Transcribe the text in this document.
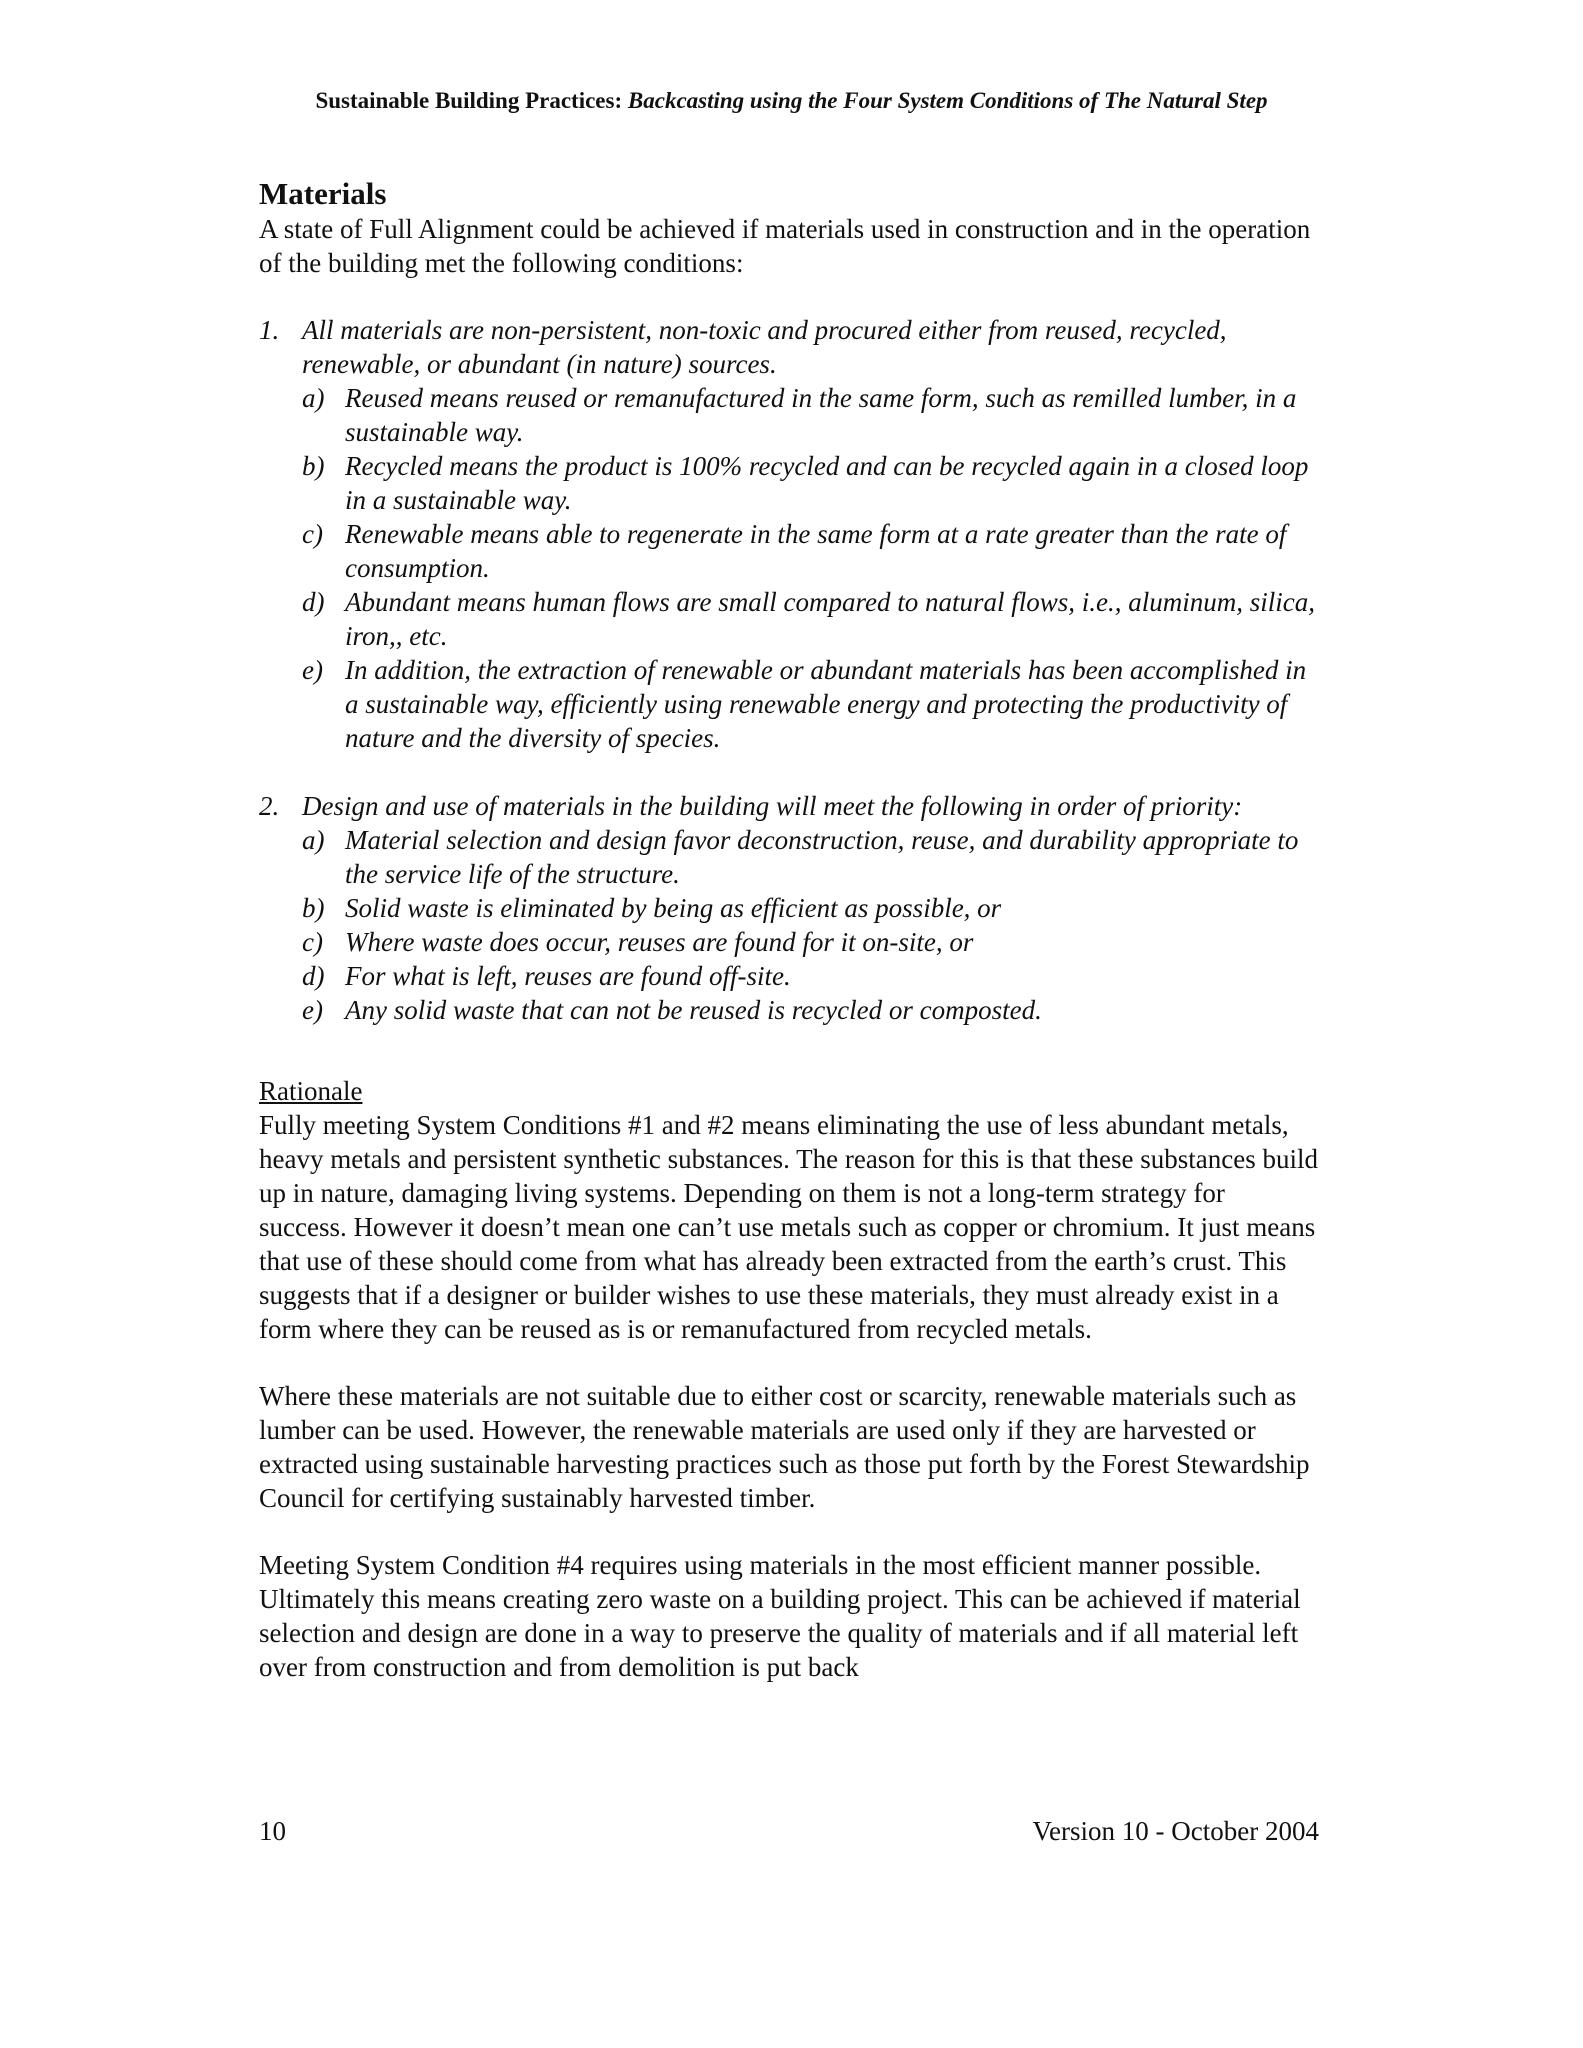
Sustainable Building Practices: Backcasting using the Four System Conditions of The Natural Step
Materials

A state of Full Alignment could be achieved if materials used in construction and in the operation of the building met the following conditions:

1. All materials are non-persistent, non-toxic and procured either from reused, recycled, renewable, or abundant (in nature) sources.
a) Reused means reused or remanufactured in the same form, such as remilled lumber, in a sustainable way.
b) Recycled means the product is 100% recycled and can be recycled again in a closed loop in a sustainable way.
c) Renewable means able to regenerate in the same form at a rate greater than the rate of consumption.
d) Abundant means human flows are small compared to natural flows, i.e., aluminum, silica, iron,, etc.
e) In addition, the extraction of renewable or abundant materials has been accomplished in a sustainable way, efficiently using renewable energy and protecting the productivity of nature and the diversity of species.
2. Design and use of materials in the building will meet the following in order of priority:
a) Material selection and design favor deconstruction, reuse, and durability appropriate to the service life of the structure.
b) Solid waste is eliminated by being as efficient as possible, or
c) Where waste does occur, reuses are found for it on-site, or
d) For what is left, reuses are found off-site.
e) Any solid waste that can not be reused is recycled or composted.
Rationale

Fully meeting System Conditions #1 and #2 means eliminating the use of less abundant metals, heavy metals and persistent synthetic substances. The reason for this is that these substances build up in nature, damaging living systems. Depending on them is not a long-term strategy for success. However it doesn’t mean one can’t use metals such as copper or chromium. It just means that use of these should come from what has already been extracted from the earth’s crust. This suggests that if a designer or builder wishes to use these materials, they must already exist in a form where they can be reused as is or remanufactured from recycled metals.

Where these materials are not suitable due to either cost or scarcity, renewable materials such as lumber can be used. However, the renewable materials are used only if they are harvested or extracted using sustainable harvesting practices such as those put forth by the Forest Stewardship Council for certifying sustainably harvested timber.

Meeting System Condition #4 requires using materials in the most efficient manner possible. Ultimately this means creating zero waste on a building project. This can be achieved if material selection and design are done in a way to preserve the quality of materials and if all material left over from construction and from demolition is put back

10	Version 10 - October 2004
